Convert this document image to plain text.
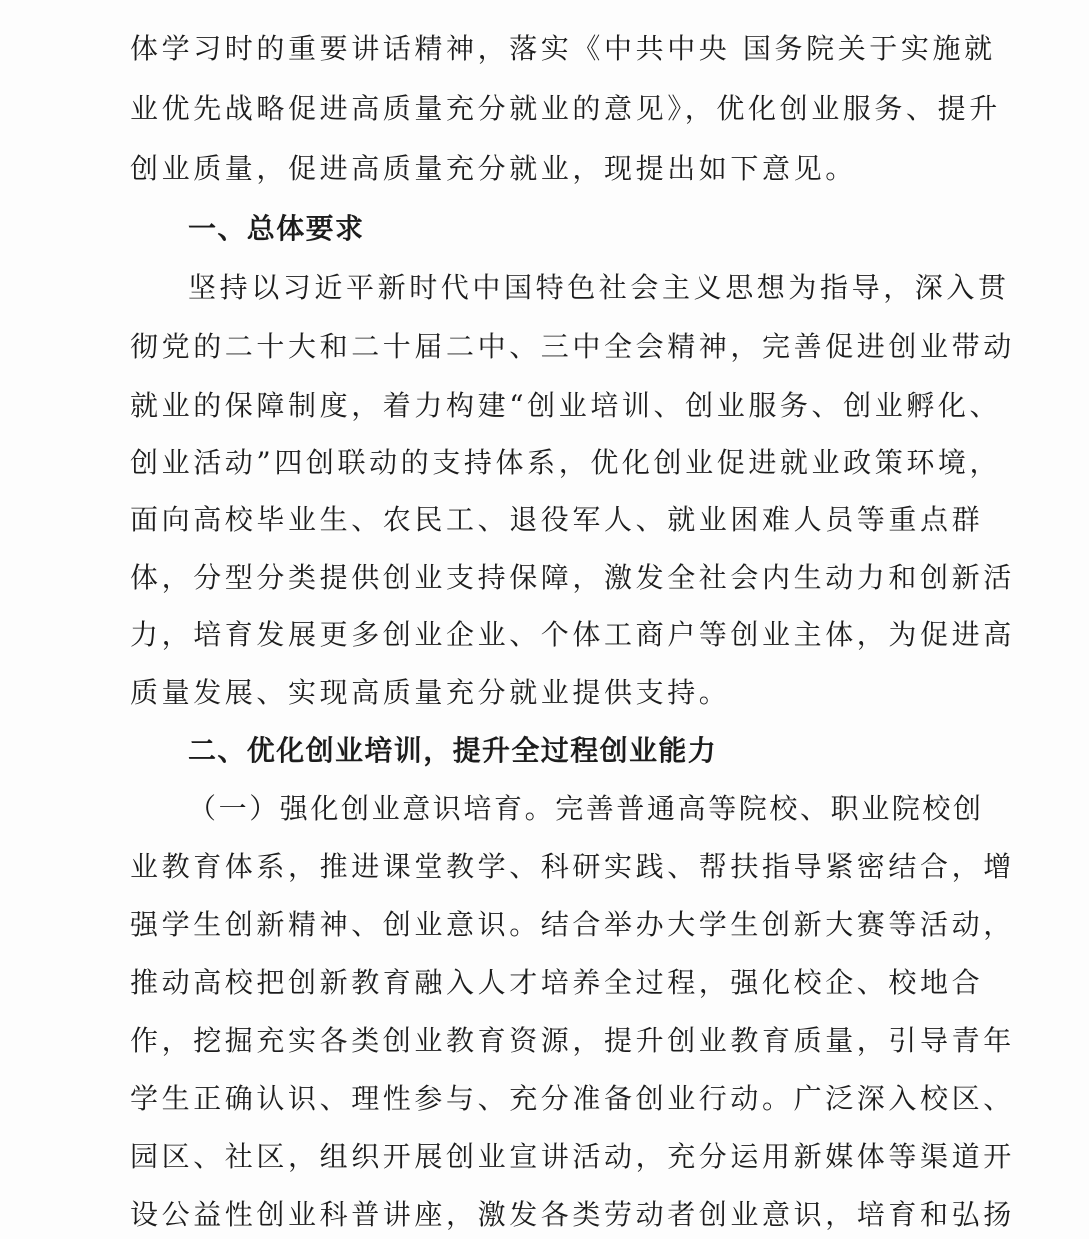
体学习时的重要讲话精神，落实《中共中央 国务院关于实施就
业优先战略促进高质量充分就业的意见》，优化创业服务、提升
创业质量，促进高质量充分就业，现提出如下意见。
一、总体要求
坚持以习近平新时代中国特色社会主义思想为指导，深入贯
彻党的二十大和二十届二中、三中全会精神，完善促进创业带动
就业的保障制度，着力构建“创业培训、创业服务、创业孵化、
创业活动”四创联动的支持体系，优化创业促进就业政策环境，
面向高校毕业生、农民工、退役军人、就业困难人员等重点群
体，分型分类提供创业支持保障，激发全社会内生动力和创新活
力，培育发展更多创业企业、个体工商户等创业主体，为促进高
质量发展、实现高质量充分就业提供支持。
二、优化创业培训，提升全过程创业能力
（一）强化创业意识培育。完善普通高等院校、职业院校创
业教育体系，推进课堂教学、科研实践、帮扶指导紧密结合，增
强学生创新精神、创业意识。结合举办大学生创新大赛等活动，
推动高校把创新教育融入人才培养全过程，强化校企、校地合
作，挖掘充实各类创业教育资源，提升创业教育质量，引导青年
学生正确认识、理性参与、充分准备创业行动。广泛深入校区、
园区、社区，组织开展创业宣讲活动，充分运用新媒体等渠道开
设公益性创业科普讲座，激发各类劳动者创业意识，培育和弘扬
